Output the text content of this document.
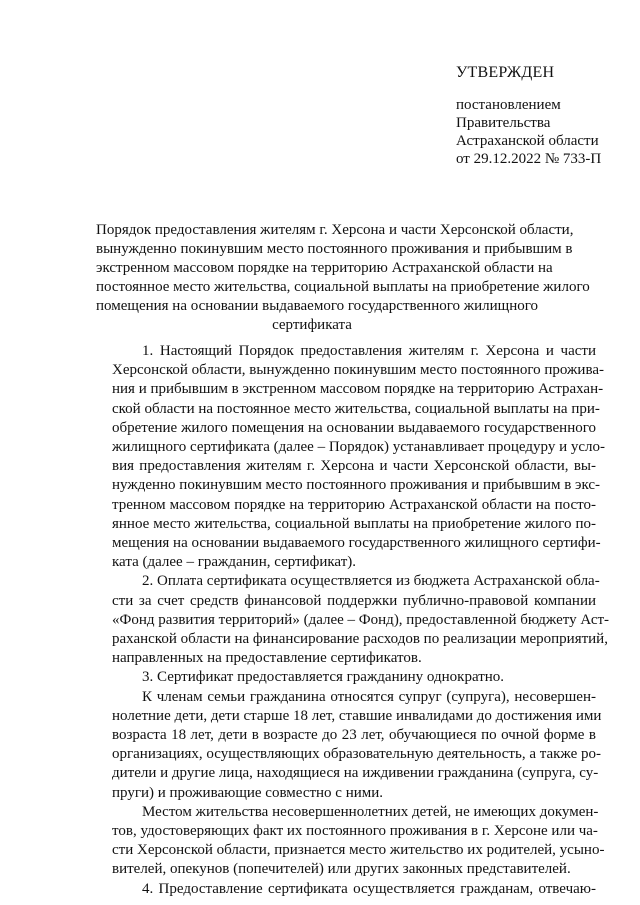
УТВЕРЖДЕН
постановлением
Правительства
Астраханской области
от 29.12.2022 № 733-П
Порядок предоставления жителям г. Херсона и части Херсонской области,
вынужденно покинувшим место постоянного проживания и прибывшим в
экстренном массовом порядке на территорию Астраханской области на
постоянное место жительства, социальной выплаты на приобретение жилого
помещения на основании выдаваемого государственного жилищного
сертификата
1. Настоящий Порядок предоставления жителям г. Херсона и части
Херсонской области, вынужденно покинувшим место постоянного прожива-
ния и прибывшим в экстренном массовом порядке на территорию Астрахан-
ской области на постоянное место жительства, социальной выплаты на при-
обретение жилого помещения на основании выдаваемого государственного
жилищного сертификата (далее – Порядок) устанавливает процедуру и усло-
вия предоставления жителям г. Херсона и части Херсонской области, вы-
нужденно покинувшим место постоянного проживания и прибывшим в экс-
тренном массовом порядке на территорию Астраханской области на посто-
янное место жительства, социальной выплаты на приобретение жилого по-
мещения на основании выдаваемого государственного жилищного сертифи-
ката (далее – гражданин, сертификат).
2. Оплата сертификата осуществляется из бюджета Астраханской обла-
сти за счет средств финансовой поддержки публично-правовой компании
«Фонд развития территорий» (далее – Фонд), предоставленной бюджету Аст-
раханской области на финансирование расходов по реализации мероприятий,
направленных на предоставление сертификатов.
3. Сертификат предоставляется гражданину однократно.
К членам семьи гражданина относятся супруг (супруга), несовершен-
нолетние дети, дети старше 18 лет, ставшие инвалидами до достижения ими
возраста 18 лет, дети в возрасте до 23 лет, обучающиеся по очной форме в
организациях, осуществляющих образовательную деятельность, а также ро-
дители и другие лица, находящиеся на иждивении гражданина (супруга, су-
пруги) и проживающие совместно с ними.
Местом жительства несовершеннолетних детей, не имеющих докумен-
тов, удостоверяющих факт их постоянного проживания в г. Херсоне или ча-
сти Херсонской области, признается место жительство их родителей, усыно-
вителей, опекунов (попечителей) или других законных представителей.
4. Предоставление сертификата осуществляется гражданам, отвечаю-
